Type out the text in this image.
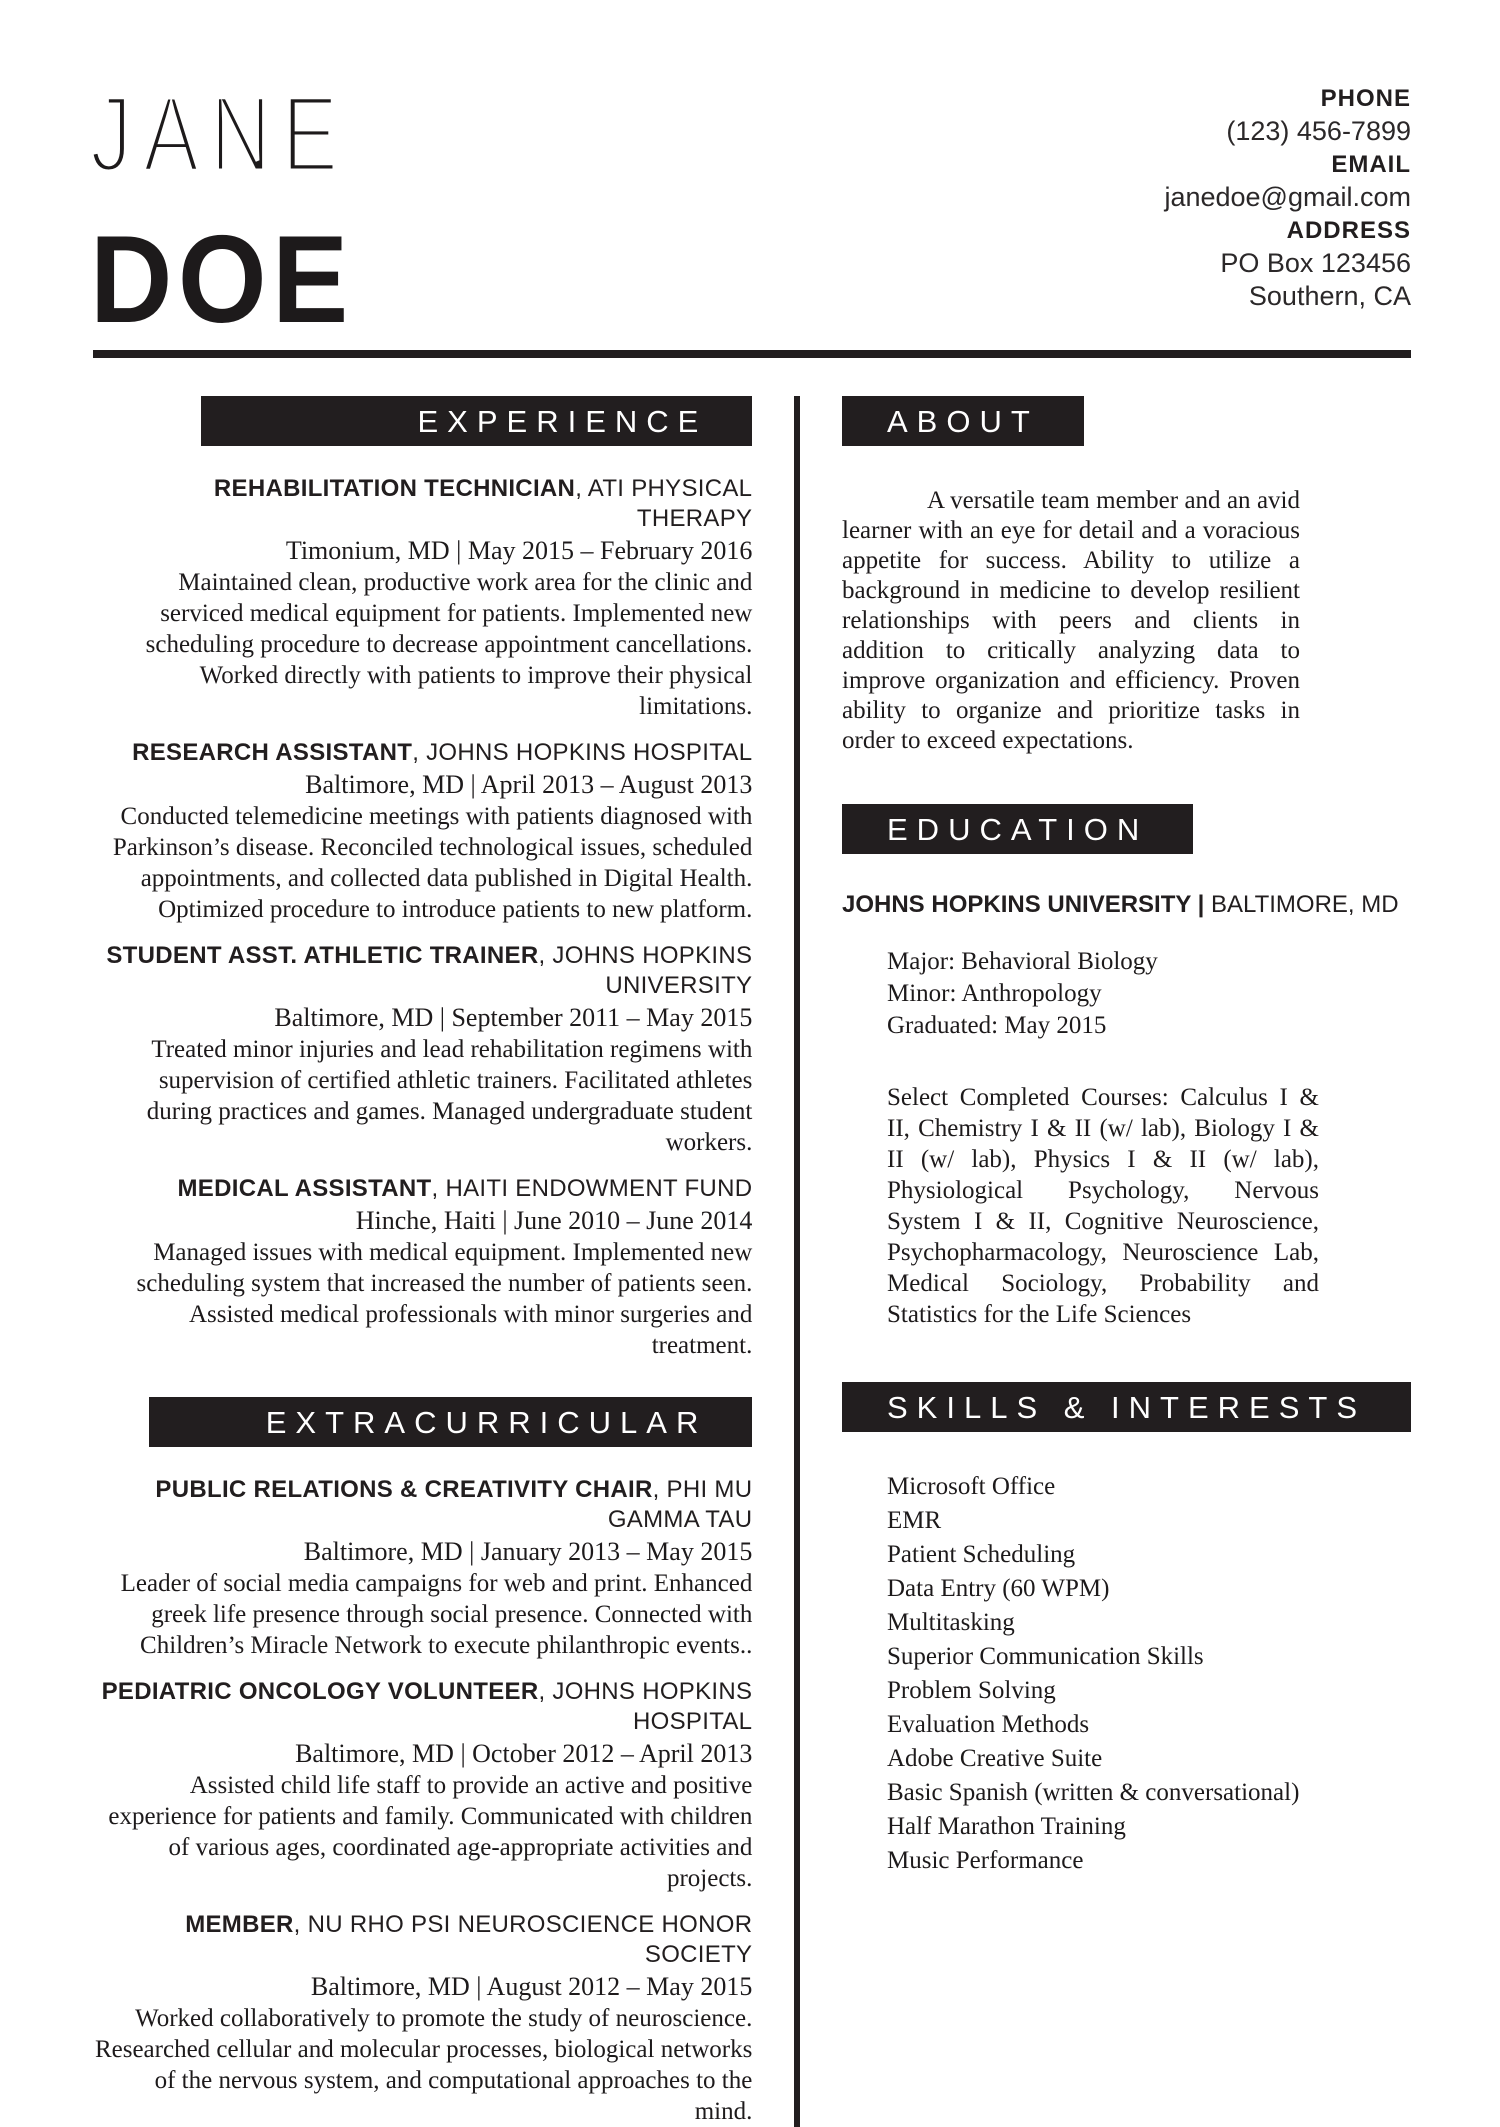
JANE
DOE
PHONE
(123) 456-7899
EMAIL
janedoe@gmail.com
ADDRESS
PO Box 123456
Southern, CA
EXPERIENCE
REHABILITATION TECHNICIAN, ATI PHYSICAL THERAPY
Timonium, MD | May 2015 – February 2016
Maintained clean, productive work area for the clinic and serviced medical equipment for patients. Implemented new scheduling procedure to decrease appointment cancellations. Worked directly with patients to improve their physical limitations.
RESEARCH ASSISTANT, JOHNS HOPKINS HOSPITAL
Baltimore, MD | April 2013 – August 2013
Conducted telemedicine meetings with patients diagnosed with Parkinson’s disease. Reconciled technological issues, scheduled appointments, and collected data published in Digital Health. Optimized procedure to introduce patients to new platform.
STUDENT ASST. ATHLETIC TRAINER, JOHNS HOPKINS UNIVERSITY
Baltimore, MD | September 2011 – May 2015
Treated minor injuries and lead rehabilitation regimens with supervision of certified athletic trainers. Facilitated athletes during practices and games. Managed undergraduate student workers.
MEDICAL ASSISTANT, HAITI ENDOWMENT FUND
Hinche, Haiti | June 2010 – June 2014
Managed issues with medical equipment. Implemented new scheduling system that increased the number of patients seen. Assisted medical professionals with minor surgeries and treatment.
EXTRACURRICULAR
PUBLIC RELATIONS & CREATIVITY CHAIR, PHI MU GAMMA TAU
Baltimore, MD | January 2013 – May 2015
Leader of social media campaigns for web and print. Enhanced greek life presence through social presence. Connected with Children’s Miracle Network to execute philanthropic events..
PEDIATRIC ONCOLOGY VOLUNTEER, JOHNS HOPKINS HOSPITAL
Baltimore, MD | October 2012 – April 2013
Assisted child life staff to provide an active and positive experience for patients and family. Communicated with children of various ages, coordinated age-appropriate activities and projects.
MEMBER, NU RHO PSI NEUROSCIENCE HONOR SOCIETY
Baltimore, MD | August 2012 – May 2015
Worked collaboratively to promote the study of neuroscience. Researched cellular and molecular processes, biological networks of the nervous system, and computational approaches to the mind.
ABOUT
A versatile team member and an avid learner with an eye for detail and a voracious appetite for success. Ability to utilize a background in medicine to develop resilient relationships with peers and clients in addition to critically analyzing data to improve organization and efficiency. Proven ability to organize and prioritize tasks in order to exceed expectations.
EDUCATION
JOHNS HOPKINS UNIVERSITY | BALTIMORE, MD
Major: Behavioral Biology
Minor: Anthropology
Graduated: May 2015
Select Completed Courses: Calculus I & II, Chemistry I & II (w/ lab), Biology I & II (w/ lab), Physics I & II (w/ lab), Physiological Psychology, Nervous System I & II, Cognitive Neuroscience, Psychopharmacology, Neuroscience Lab, Medical Sociology, Probability and Statistics for the Life Sciences
SKILLS & INTERESTS
Microsoft Office
EMR
Patient Scheduling
Data Entry (60 WPM)
Multitasking
Superior Communication Skills
Problem Solving
Evaluation Methods
Adobe Creative Suite
Basic Spanish (written & conversational)
Half Marathon Training
Music Performance
